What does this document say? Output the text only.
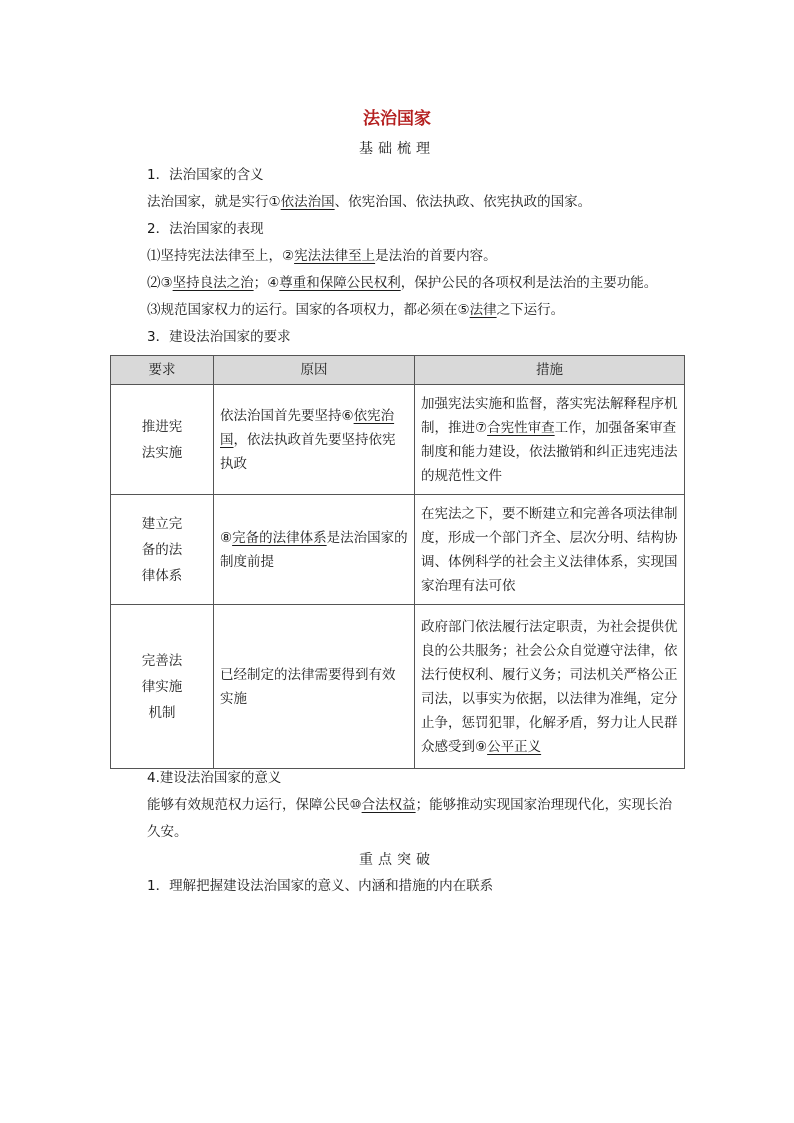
法治国家
基础梳理
1．法治国家的含义
法治国家，就是实行①依法治国、依宪治国、依法执政、依宪执政的国家。
2．法治国家的表现
⑴坚持宪法法律至上，②宪法法律至上是法治的首要内容。
⑵③坚持良法之治；④尊重和保障公民权利，保护公民的各项权利是法治的主要功能。
⑶规范国家权力的运行。国家的各项权力，都必须在⑤法律之下运行。
3．建设法治国家的要求
要求	原因	措施
推进宪法实施	依法治国首先要坚持⑥依宪治国，依法执政首先要坚持依宪执政	加强宪法实施和监督，落实宪法解释程序机制，推进⑦合宪性审查工作，加强备案审查制度和能力建设，依法撤销和纠正违宪违法的规范性文件
建立完备的法律体系	⑧完备的法律体系是法治国家的制度前提	在宪法之下，要不断建立和完善各项法律制度，形成一个部门齐全、层次分明、结构协调、体例科学的社会主义法律体系，实现国家治理有法可依
完善法律实施机制	已经制定的法律需要得到有效实施	政府部门依法履行法定职责，为社会提供优良的公共服务；社会公众自觉遵守法律，依法行使权利、履行义务；司法机关严格公正司法，以事实为依据，以法律为准绳，定分止争，惩罚犯罪，化解矛盾，努力让人民群众感受到⑨公平正义
4.建设法治国家的意义
能够有效规范权力运行，保障公民⑩合法权益；能够推动实现国家治理现代化，实现长治久安。
重点突破
1．理解把握建设法治国家的意义、内涵和措施的内在联系
